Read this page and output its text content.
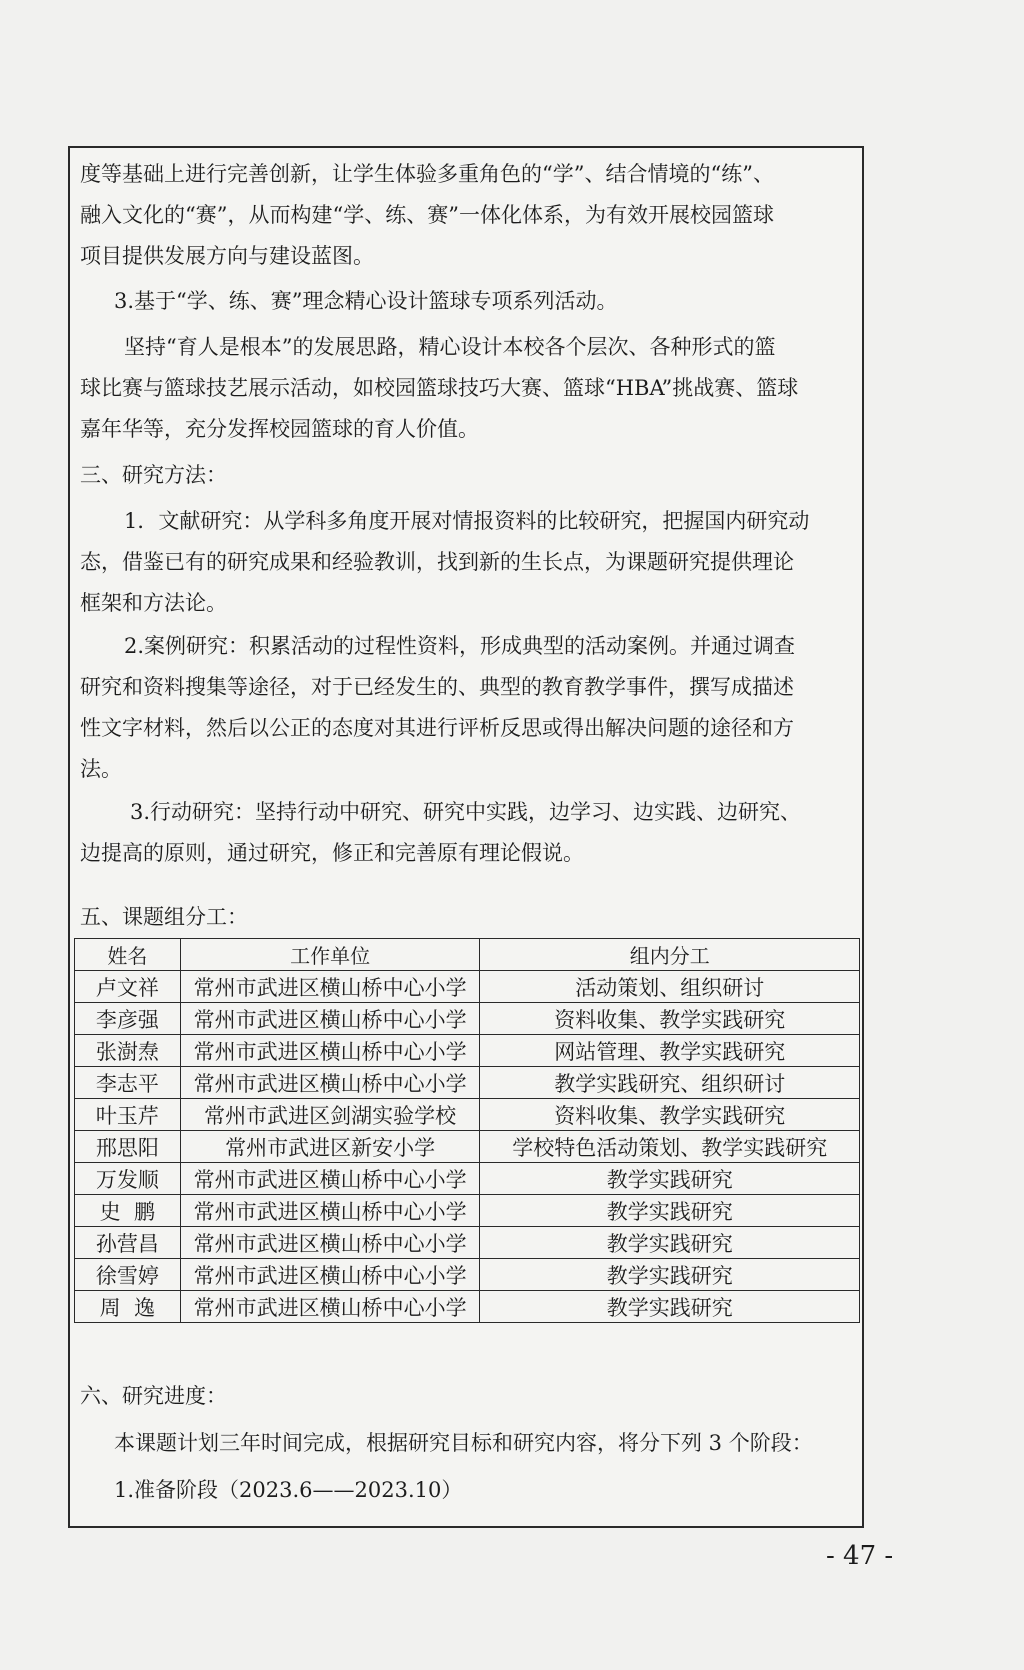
度等基础上进行完善创新，让学生体验多重角色的“学”、结合情境的“练”、
融入文化的“赛”，从而构建“学、练、赛”一体化体系，为有效开展校园篮球
项目提供发展方向与建设蓝图。
3.基于“学、练、赛”理念精心设计篮球专项系列活动。
坚持“育人是根本”的发展思路，精心设计本校各个层次、各种形式的篮
球比赛与篮球技艺展示活动，如校园篮球技巧大赛、篮球“HBA”挑战赛、篮球
嘉年华等，充分发挥校园篮球的育人价值。
三、研究方法：
1．文献研究：从学科多角度开展对情报资料的比较研究，把握国内研究动
态，借鉴已有的研究成果和经验教训，找到新的生长点，为课题研究提供理论
框架和方法论。
2.案例研究：积累活动的过程性资料，形成典型的活动案例。并通过调查
研究和资料搜集等途径，对于已经发生的、典型的教育教学事件，撰写成描述
性文字材料，然后以公正的态度对其进行评析反思或得出解决问题的途径和方
法。
3.行动研究：坚持行动中研究、研究中实践，边学习、边实践、边研究、
边提高的原则，通过研究，修正和完善原有理论假说。
五、课题组分工：
姓名	工作单位	组内分工
卢文祥	常州市武进区横山桥中心小学	活动策划、组织研讨
李彦强	常州市武进区横山桥中心小学	资料收集、教学实践研究
张澍焘	常州市武进区横山桥中心小学	网站管理、教学实践研究
李志平	常州市武进区横山桥中心小学	教学实践研究、组织研讨
叶玉芹	常州市武进区剑湖实验学校	资料收集、教学实践研究
邢思阳	常州市武进区新安小学	学校特色活动策划、教学实践研究
万发顺	常州市武进区横山桥中心小学	教学实践研究
史  鹏	常州市武进区横山桥中心小学	教学实践研究
孙营昌	常州市武进区横山桥中心小学	教学实践研究
徐雪婷	常州市武进区横山桥中心小学	教学实践研究
周  逸	常州市武进区横山桥中心小学	教学实践研究
六、研究进度：
本课题计划三年时间完成，根据研究目标和研究内容，将分下列 3 个阶段：
1.准备阶段（2023.6——2023.10）
- 47 -
